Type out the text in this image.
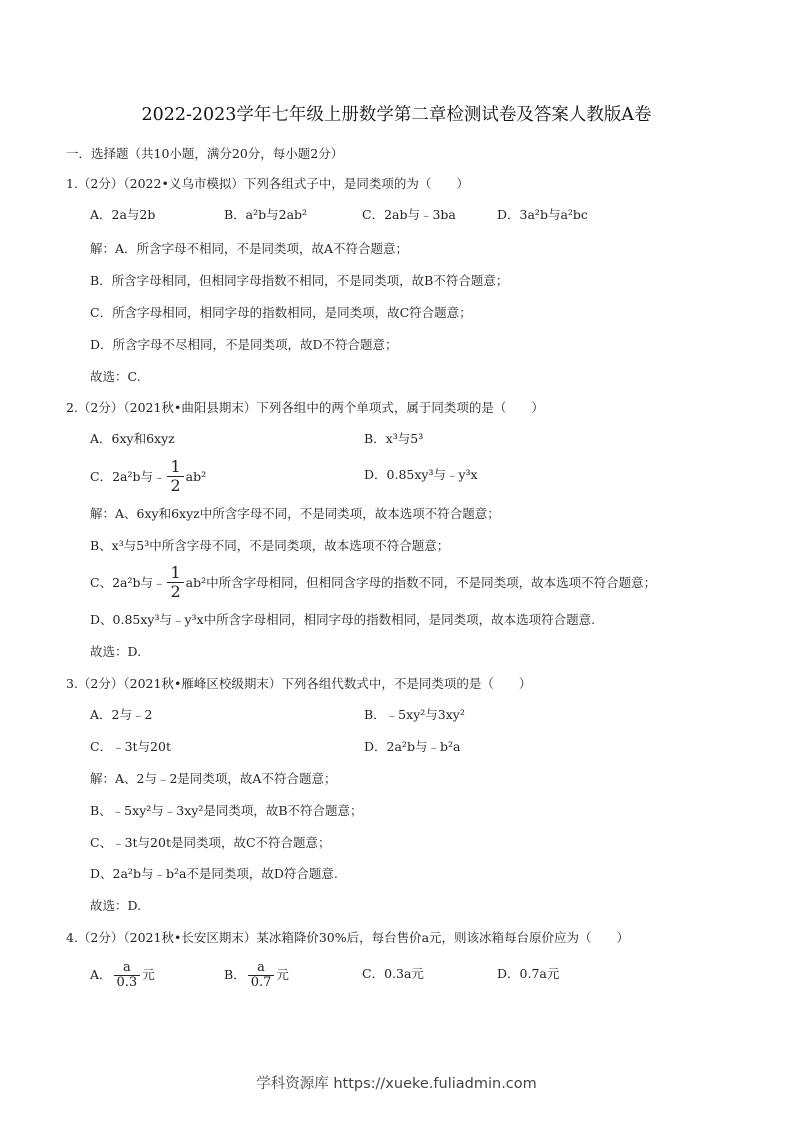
2022-2023学年七年级上册数学第二章检测试卷及答案人教版A卷
一．选择题（共10小题，满分20分，每小题2分）
1.（2分）（2022•义乌市模拟）下列各组式子中，是同类项的为（　　）
A．2a与2b	B．a²b与2ab²	C．2ab与﹣3ba	D．3a²b与a²bc
解：A．所含字母不相同，不是同类项，故A不符合题意；
B．所含字母相同，但相同字母指数不相同，不是同类项，故B不符合题意；
C．所含字母相同，相同字母的指数相同，是同类项，故C符合题意；
D．所含字母不尽相同，不是同类项，故D不符合题意；
故选：C.
2.（2分）（2021秋•曲阳县期末）下列各组中的两个单项式，属于同类项的是（　　）
A．6xy和6xyz	B．x³与5³
C．2a²b与﹣ $\frac{1}{2} ab^2$	D．0.85xy³与﹣y³x
解：A、6xy和6xyz中所含字母不同，不是同类项，故本选项不符合题意；
B、x³与5³中所含字母不同，不是同类项，故本选项不符合题意；
C、2a²b与﹣ $\frac{1}{2} ab^2$中所含字母相同，但相同含字母的指数不同，不是同类项，故本选项不符合题意；
D、0.85xy³与﹣y³x中所含字母相同，相同字母的指数相同，是同类项，故本选项符合题意.
故选：D.
3.（2分）（2021秋•雁峰区校级期末）下列各组代数式中，不是同类项的是（　　）
A．2与﹣2	B．﹣5xy²与3xy²
C．﹣3t与20t	D．2a²b与﹣b²a
解：A、2与﹣2是同类项，故A不符合题意；
B、﹣5xy²与﹣3xy²是同类项，故B不符合题意；
C、﹣3t与20t是同类项，故C不符合题意；
D、2a²b与﹣b²a不是同类项，故D符合题意.
故选：D.
4.（2分）（2021秋•长安区期末）某冰箱降价30%后，每台售价a元，则该冰箱每台原价应为（　　）
A． $\frac{a}{0.3}$ 元	B． $\frac{a}{0.7}$ 元	C．0.3a元	D．0.7a元
学科资源库 https://xueke.fuliadmin.com
